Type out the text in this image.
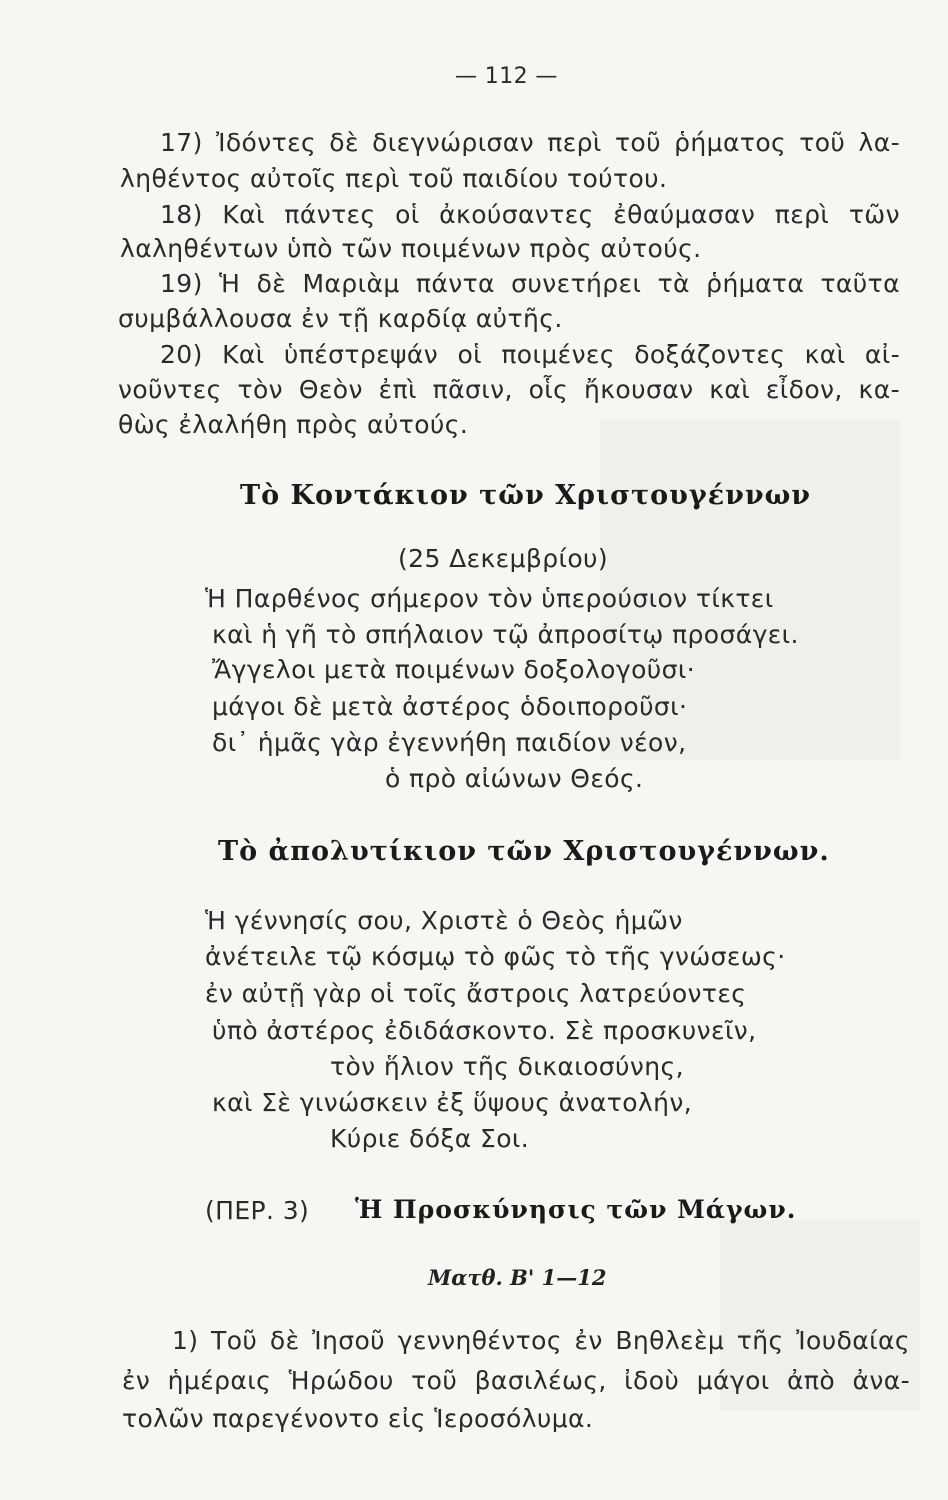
— 112 —
17) Ἰδόντες δὲ διεγνώρισαν περὶ τοῦ ῥήματος τοῦ λα-
ληθέντος αὐτοῖς περὶ τοῦ παιδίου τούτου.
18) Καὶ πάντες οἱ ἀκούσαντες ἐθαύμασαν περὶ τῶν
λαληθέντων ὑπὸ τῶν ποιμένων πρὸς αὐτούς.
19) Ἡ δὲ Μαριὰμ πάντα συνετήρει τὰ ῥήματα ταῦτα
συμβάλλουσα ἐν τῇ καρδίᾳ αὐτῆς.
20) Καὶ ὑπέστρεψάν οἱ ποιμένες δοξάζοντες καὶ αἰ-
νοῦντες τὸν Θεὸν ἐπὶ πᾶσιν, οἷς ἤκουσαν καὶ εἶδον, κα-
θὼς ἐλαλήθη πρὸς αὐτούς.
Τὸ Κοντάκιον τῶν Χριστουγέννων
(25 Δεκεμβρίου)
Ἡ Παρθένος σήμερον τὸν ὑπερούσιον τίκτει
καὶ ἡ γῆ τὸ σπήλαιον τῷ ἀπροσίτῳ προσάγει.
Ἄγγελοι μετὰ ποιμένων δοξολογοῦσι·
μάγοι δὲ μετὰ ἀστέρος ὁδοιποροῦσι·
δι᾽ ἡμᾶς γὰρ ἐγεννήθη παιδίον νέον,
ὁ πρὸ αἰώνων Θεός.
Τὸ ἀπολυτίκιον τῶν Χριστουγέννων.
Ἡ γέννησίς σου, Χριστὲ ὁ Θεὸς ἡμῶν
ἀνέτειλε τῷ κόσμῳ τὸ φῶς τὸ τῆς γνώσεως·
ἐν αὐτῇ γὰρ οἱ τοῖς ἄστροις λατρεύοντες
ὑπὸ ἀστέρος ἐδιδάσκοντο. Σὲ προσκυνεῖν,
τὸν ἥλιον τῆς δικαιοσύνης,
καὶ Σὲ γινώσκειν ἐξ ὕψους ἀνατολήν,
Κύριε δόξα Σοι.
(ΠΕΡ. 3) Ἡ Προσκύνησις τῶν Μάγων.
Ματθ. Β' 1—12
1) Τοῦ δὲ Ἰησοῦ γεννηθέντος ἐν Βηθλεὲμ τῆς Ἰουδαίας
ἐν ἡμέραις Ἡρώδου τοῦ βασιλέως, ἰδοὺ μάγοι ἀπὸ ἀνα-
τολῶν παρεγένοντο εἰς Ἱεροσόλυμα.
